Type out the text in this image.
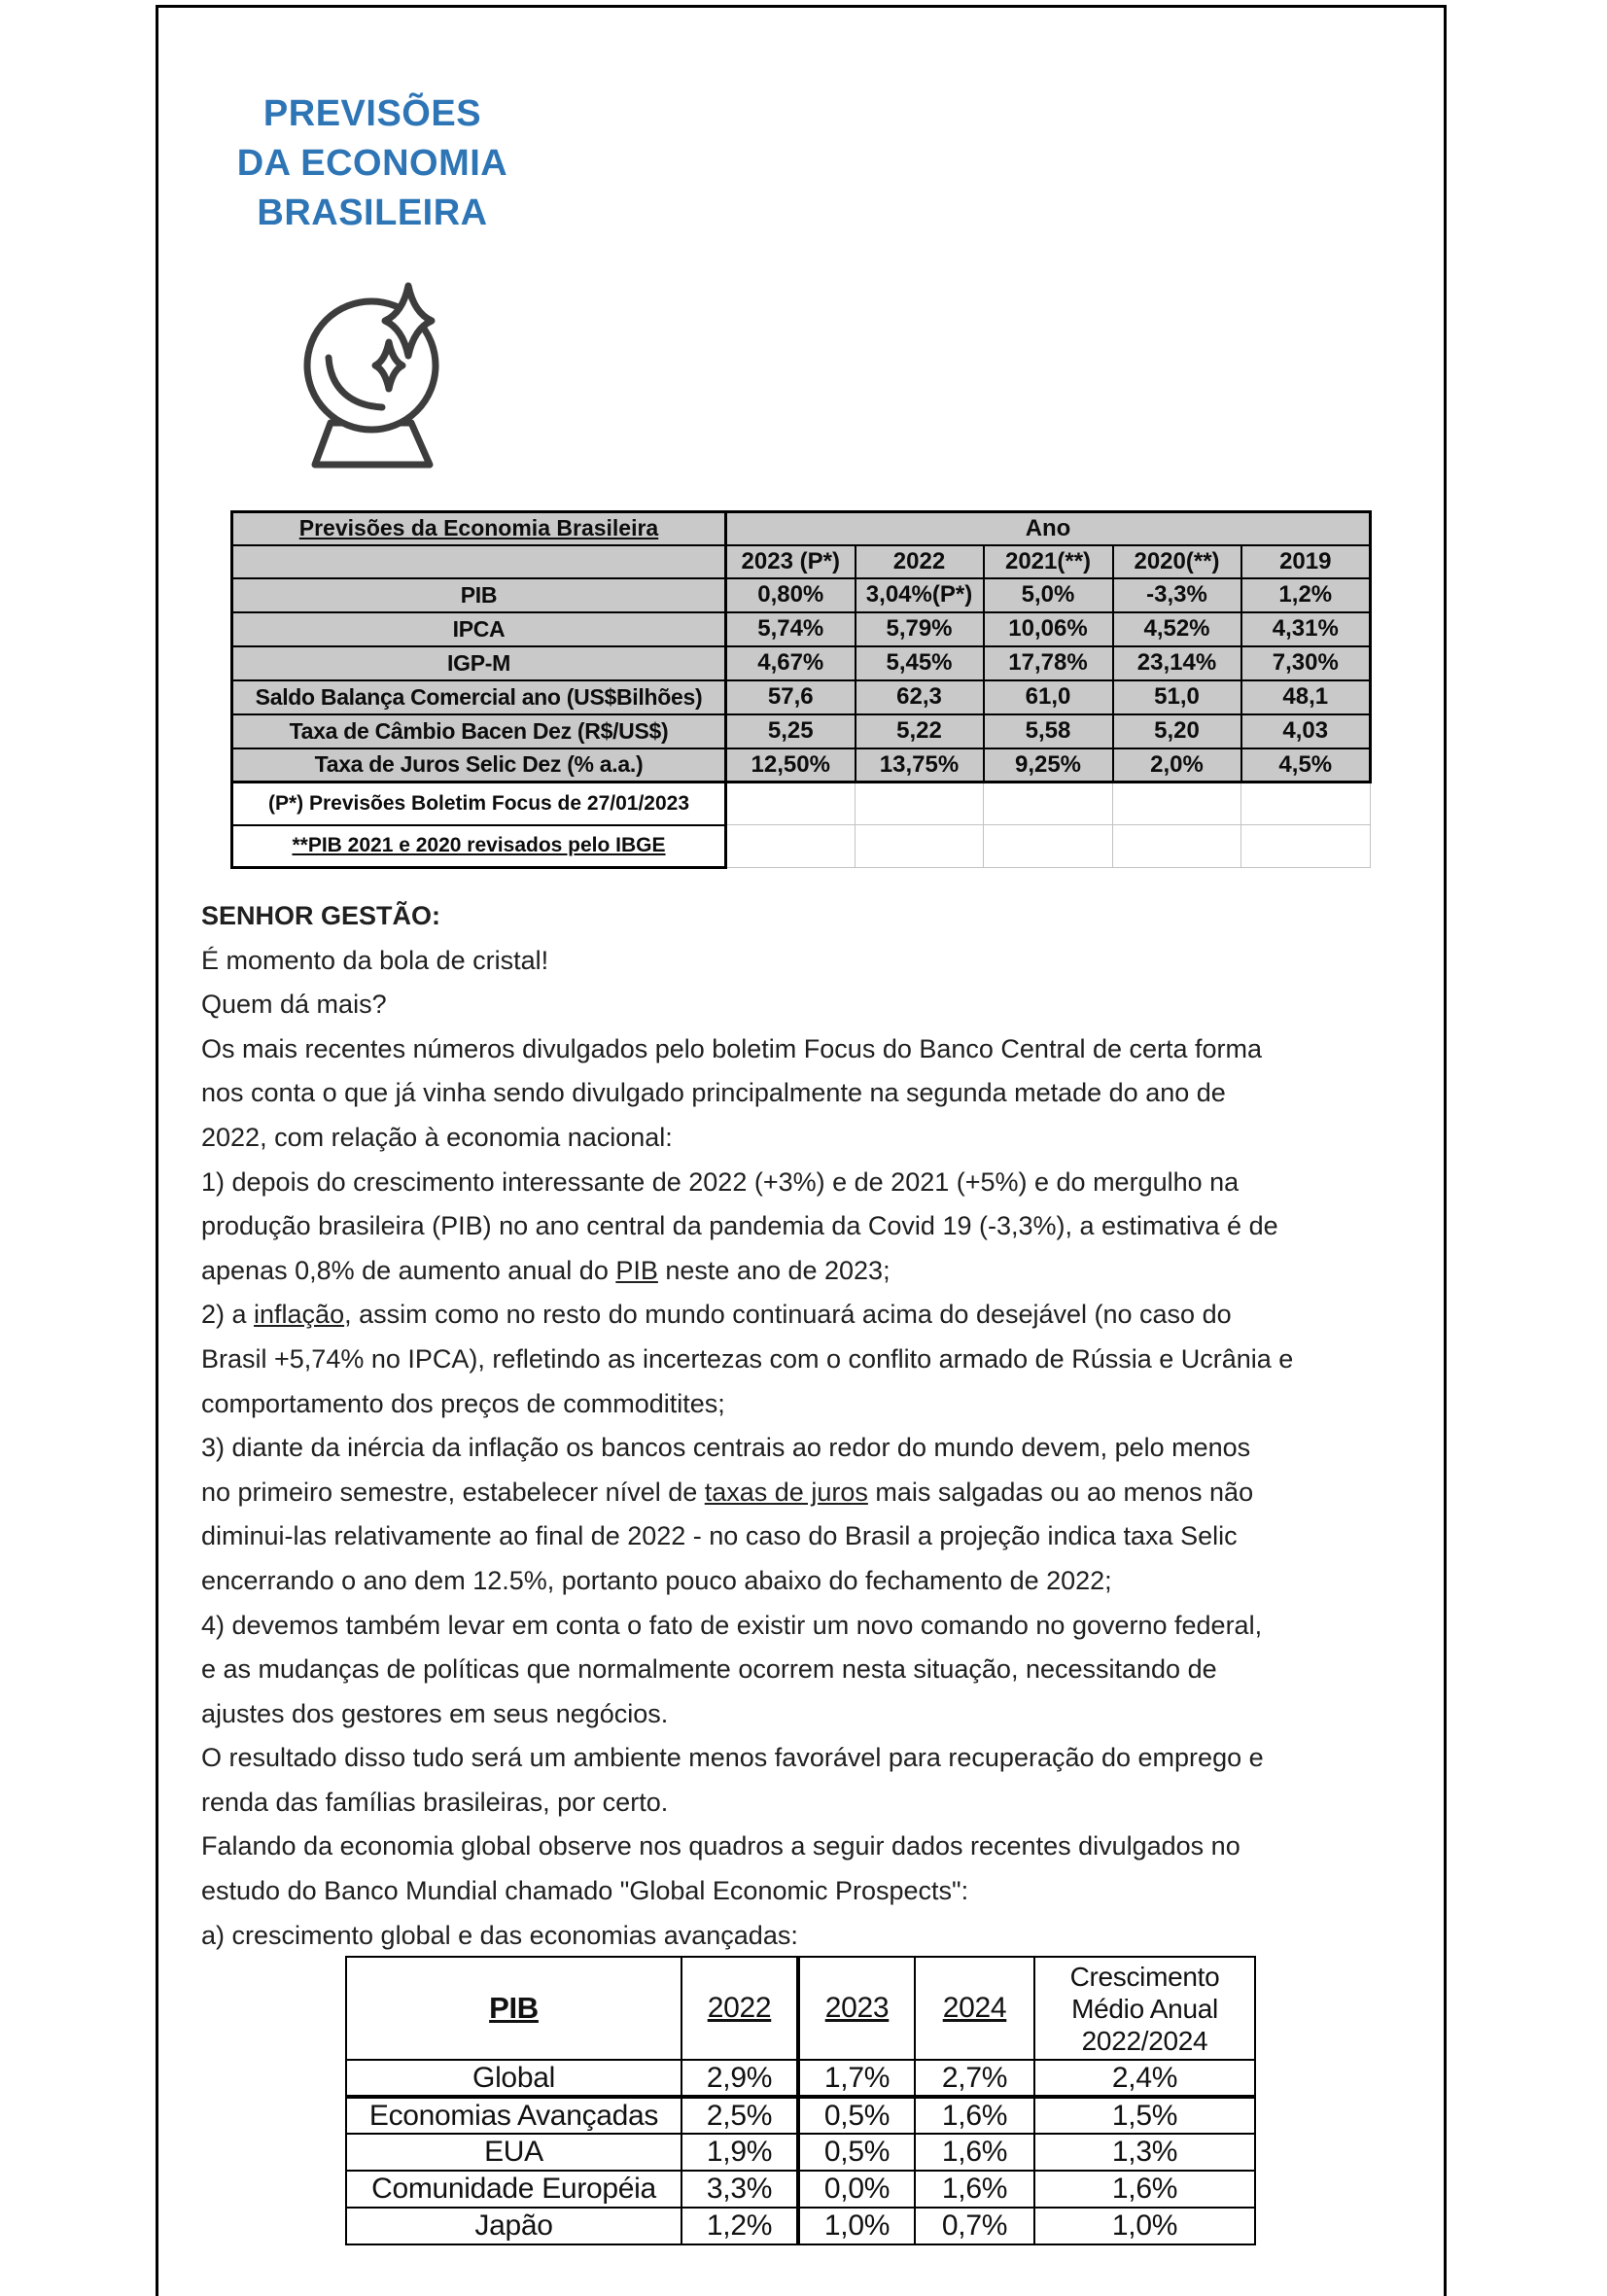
PREVISÕES
DA ECONOMIA
BRASILEIRA
Previsões da Economia Brasileira	Ano				
	2023 (P*)	2022	2021(**)	2020(**)	2019
PIB	0,80%	3,04%(P*)	5,0%	-3,3%	1,2%
IPCA	5,74%	5,79%	10,06%	4,52%	4,31%
IGP-M	4,67%	5,45%	17,78%	23,14%	7,30%
Saldo Balança Comercial ano (US$Bilhões)	57,6	62,3	61,0	51,0	48,1
Taxa de Câmbio Bacen Dez (R$/US$)	5,25	5,22	5,58	5,20	4,03
Taxa de Juros Selic Dez (% a.a.)	12,50%	13,75%	9,25%	2,0%	4,5%
(P*) Previsões Boletim Focus de 27/01/2023					
**PIB 2021 e 2020 revisados pelo IBGE					
SENHOR GESTÃO:
É momento da bola de cristal!
Quem dá mais?
Os mais recentes números divulgados pelo boletim Focus do Banco Central de certa forma
nos conta o que já vinha sendo divulgado principalmente na segunda metade do ano de
2022, com relação à economia nacional:
1) depois do crescimento interessante de 2022 (+3%) e de 2021 (+5%) e do mergulho na
produção brasileira (PIB) no ano central da pandemia da Covid 19 (-3,3%), a estimativa é de
apenas 0,8% de aumento anual do PIB neste ano de 2023;
2) a inflação, assim como no resto do mundo continuará acima do desejável (no caso do
Brasil +5,74% no IPCA), refletindo as incertezas com o conflito armado de Rússia e Ucrânia e
comportamento dos preços de commoditites;
3) diante da inércia da inflação os bancos centrais ao redor do mundo devem, pelo menos
no primeiro semestre, estabelecer nível de taxas de juros mais salgadas ou ao menos não
diminui-las relativamente ao final de 2022 - no caso do Brasil a projeção indica taxa Selic
encerrando o ano dem 12.5%, portanto pouco abaixo do fechamento de 2022;
4) devemos também levar em conta o fato de existir um novo comando no governo federal,
e as mudanças de políticas que normalmente ocorrem nesta situação, necessitando de
ajustes dos gestores em seus negócios.
O resultado disso tudo será um ambiente menos favorável para recuperação do emprego e
renda das famílias brasileiras, por certo.
Falando da economia global observe nos quadros a seguir dados recentes divulgados no
estudo do Banco Mundial chamado "Global Economic Prospects":
a) crescimento global e das economias avançadas:
PIB	2022	2023	2024	Crescimento
Médio Anual
2022/2024
Global	2,9%	1,7%	2,7%	2,4%
Economias Avançadas	2,5%	0,5%	1,6%	1,5%
EUA	1,9%	0,5%	1,6%	1,3%
Comunidade Européia	3,3%	0,0%	1,6%	1,6%
Japão	1,2%	1,0%	0,7%	1,0%
